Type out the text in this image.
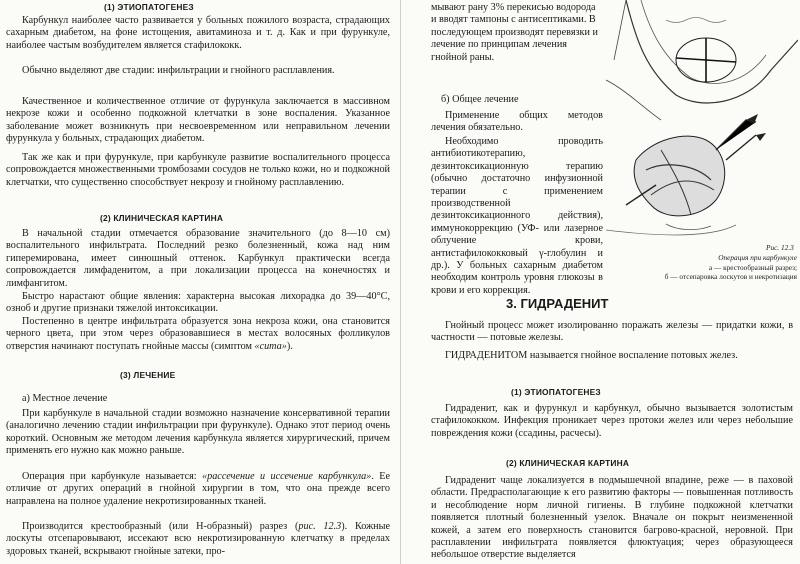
(1) ЭТИОПАТОГЕНЕЗ
Карбункул наиболее часто развивается у больных пожилого возраста, страдающих сахарным диабетом, на фоне истощения, авитаминоза и т. д. Как и при фурункуле, наиболее частым возбудителем является стафилококк.
Обычно выделяют две стадии: инфильтрации и гнойного расплавления.
Качественное и количественное отличие от фурункула заключается в массивном некрозе кожи и особенно подкожной клетчатки в зоне воспаления. Указанное заболевание может возникнуть при несвоевременном или неправильном лечении фурункула у больных, страдающих диабетом.
Так же как и при фурункуле, при карбункуле развитие воспалительного процесса сопровождается множественными тромбозами сосудов не только кожи, но и подкожной клетчатки, что существенно способствует некрозу и гнойному расплавлению.
(2) КЛИНИЧЕСКАЯ КАРТИНА
В начальной стадии отмечается образование значительного (до 8—10 см) воспалительного инфильтрата. Последний резко болезненный, кожа над ним гиперемирована, имеет синюшный оттенок. Карбункул практически всегда сопровождается лимфаденитом, а при локализации процесса на конечностях и лимфангитом.
Быстро нарастают общие явления: характерна высокая лихорадка до 39—40°С, озноб и другие признаки тяжелой интоксикации.
Постепенно в центре инфильтрата образуется зона некроза кожи, она становится черного цвета, при этом через образовавшиеся в местах волосяных фолликулов отверстия начинают поступать гнойные массы (симптом «сита»).
(3) ЛЕЧЕНИЕ
а) Местное лечение
При карбункуле в начальной стадии возможно назначение консервативной терапии (аналогично лечению стадии инфильтрации при фурункуле). Однако этот период очень короткий. Основным же методом лечения карбункула является хирургический, причем применять его нужно как можно раньше.
Операция при карбункуле называется: «рассечение и иссечение карбункула». Ее отличие от других операций в гнойной хирургии в том, что она прежде всего направлена на полное удаление некротизированных тканей.
Производится крестообразный (или Н-образный) разрез (рис. 12.3). Кожные лоскуты отсепаровывают, иссекают всю некротизированную клетчатку в пределах здоровых тканей, вскрывают гнойные затеки, про-
мывают рану 3% перекисью водорода и вводят тампоны с антисептиками. В последующем производят перевязки и лечение по принципам лечения гнойной раны.
б) Общее лечение
Применение общих методов лечения обязательно.
Необходимо проводить антибиотикотерапию, дезинтоксикационную терапию (обычно достаточно инфузионной терапии с применением производственной дезинтоксикационного действия), иммунокоррекцию (УФ- или лазерное облучение крови, антистафилококковый γ-глобулин и др.). У больных сахарным диабетом необходим контроль уровня глюкозы в крови и его коррекция.
Рис. 12.3
Операция при карбункуле
а — крестообразный разрез;
б — отсепаровка лоскутов и некротизация
3. ГИДРАДЕНИТ
Гнойный процесс может изолированно поражать железы — придатки кожи, в частности — потовые железы.
ГИДРАДЕНИТОМ называется гнойное воспаление потовых желез.
(1) ЭТИОПАТОГЕНЕЗ
Гидраденит, как и фурункул и карбункул, обычно вызывается золотистым стафилококком. Инфекция проникает через протоки желез или через небольшие повреждения кожи (ссадины, расчесы).
(2) КЛИНИЧЕСКАЯ КАРТИНА
Гидраденит чаще локализуется в подмышечной впадине, реже — в паховой области. Предрасполагающие к его развитию факторы — повышенная потливость и несоблюдение норм личной гигиены. В глубине подкожной клетчатки появляется плотный болезненный узелок. Вначале он покрыт неизмененной кожей, а затем его поверхность становится багрово-красной, неровной. При расплавлении инфильтрата появляется флюктуация; через образующееся небольшое отверстие выделяется
